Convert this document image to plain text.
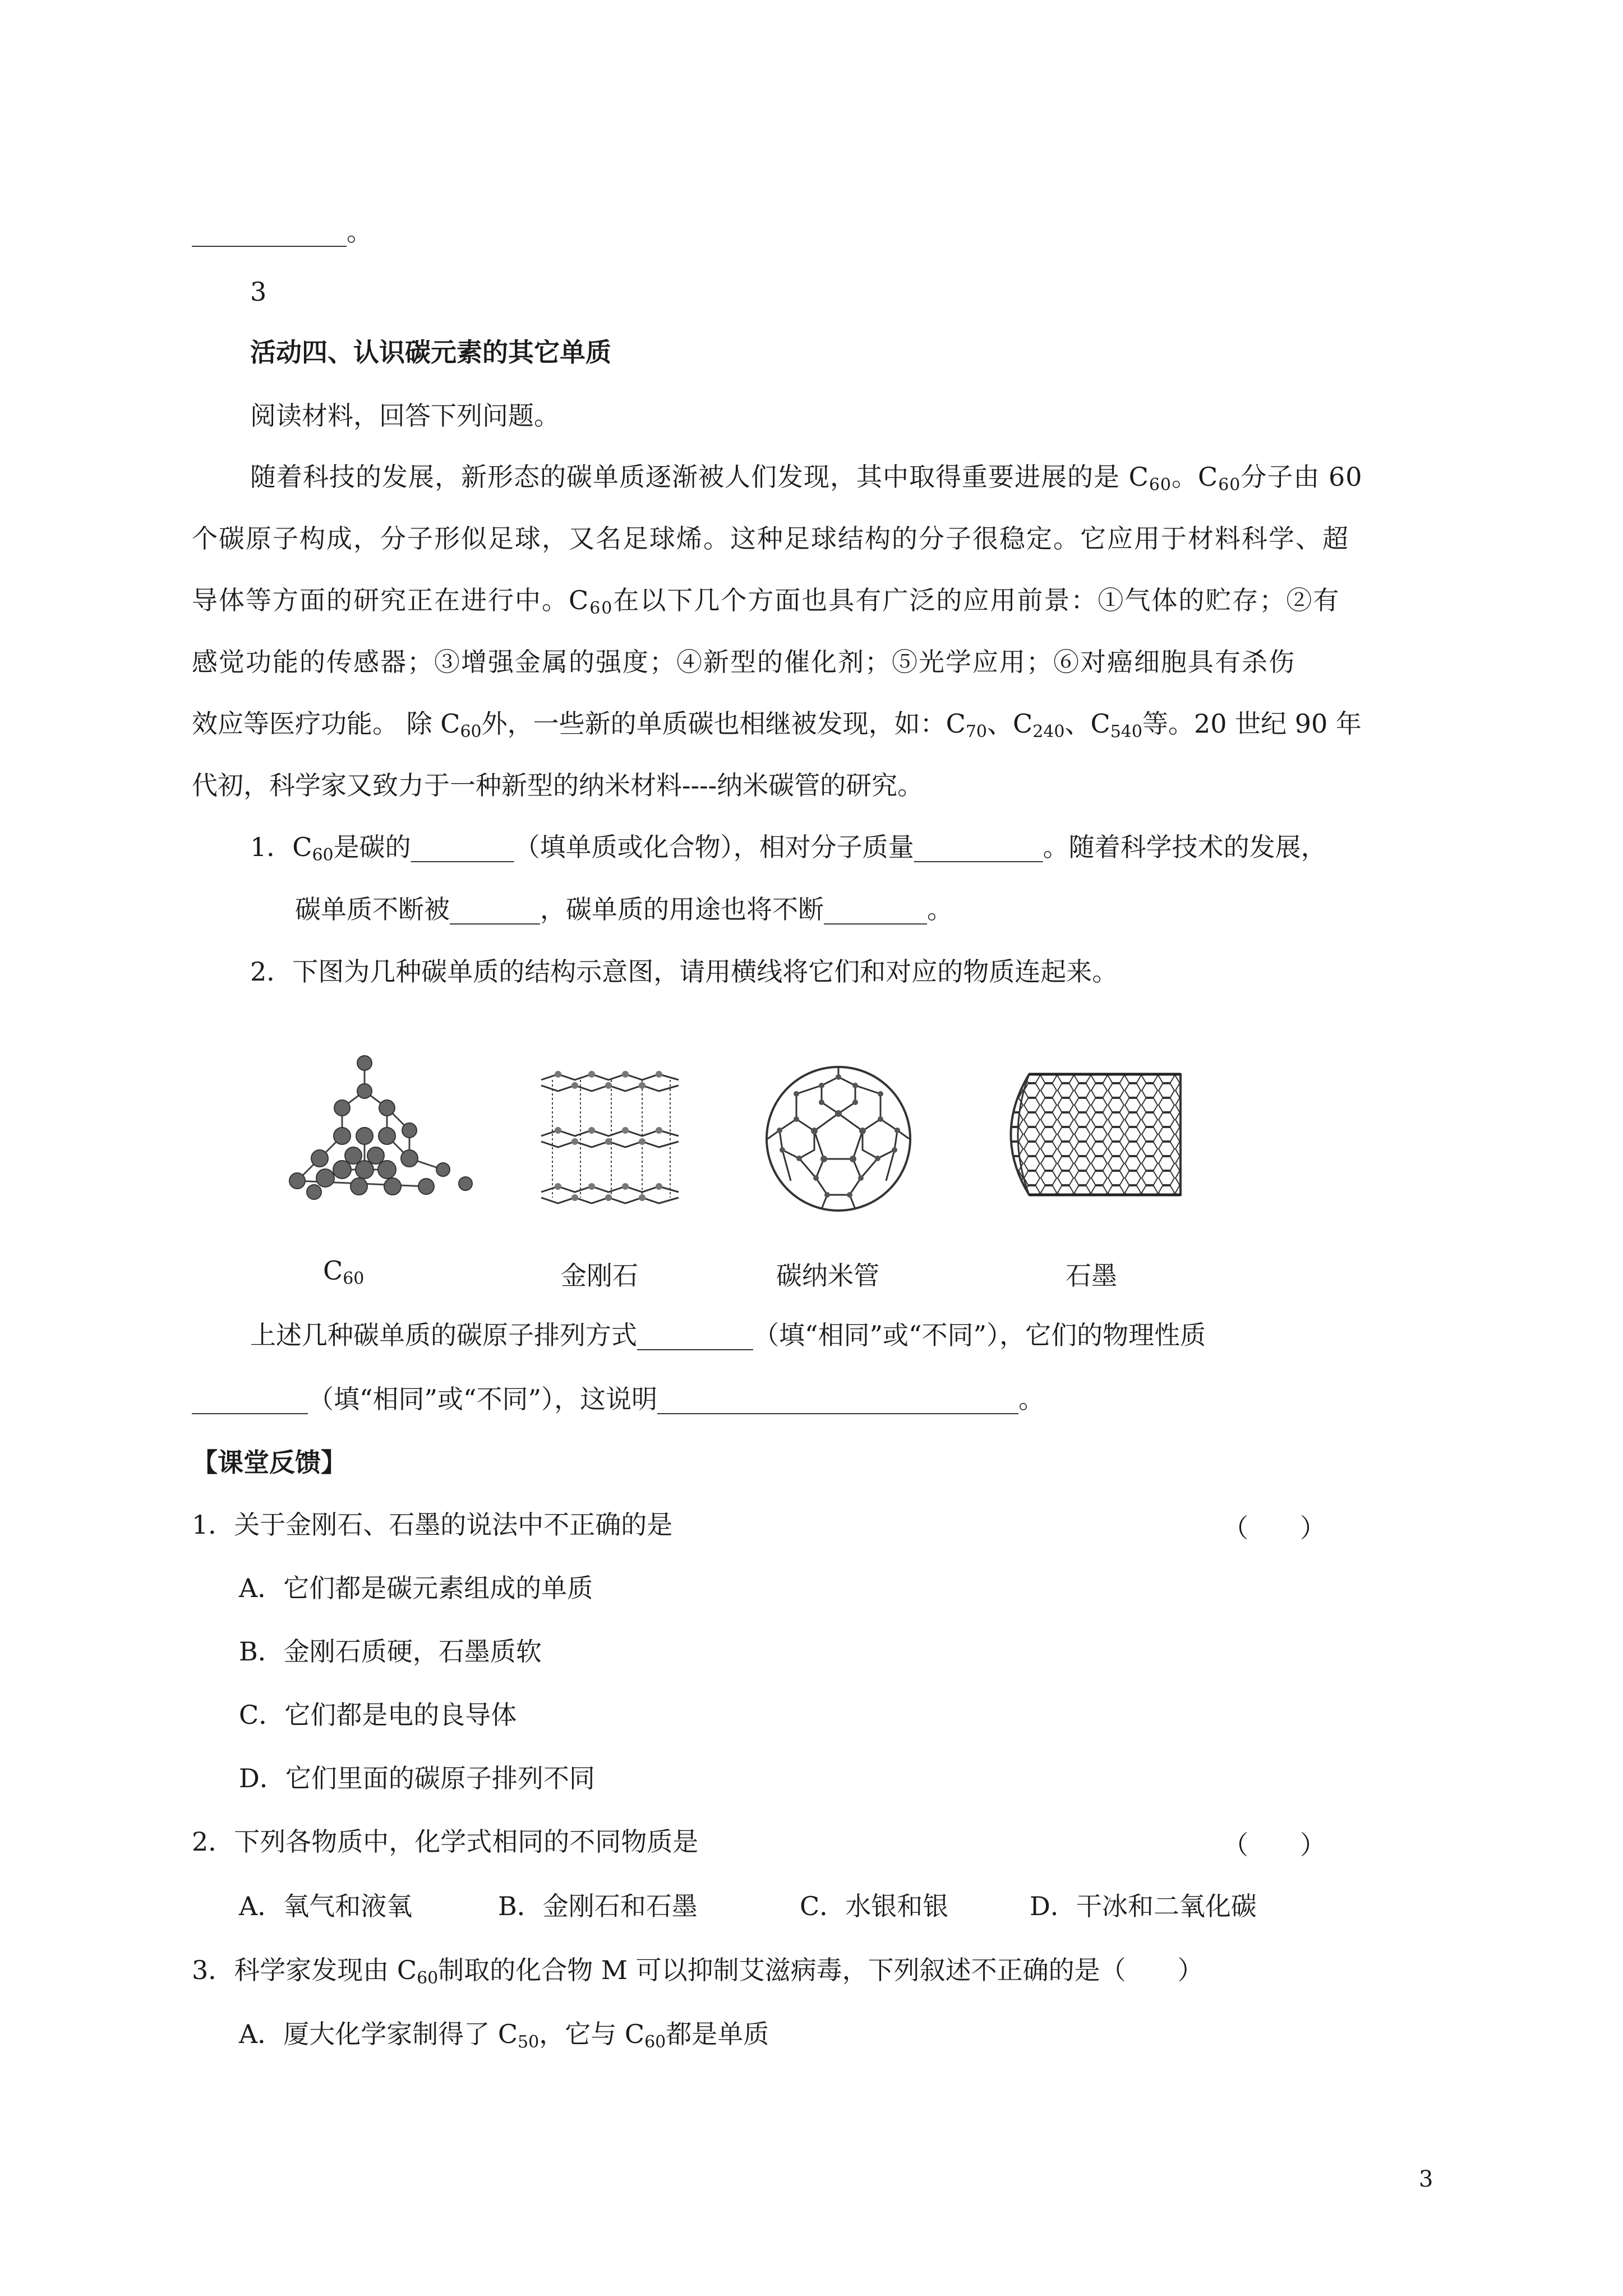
____________。
3
活动四、认识碳元素的其它单质
阅读材料，回答下列问题。
随着科技的发展，新形态的碳单质逐渐被人们发现，其中取得重要进展的是 $C_{60}$。$C_{60}$分子由 60
个碳原子构成，分子形似足球，又名足球烯。这种足球结构的分子很稳定。它应用于材料科学、超
导体等方面的研究正在进行中。$C_{60}$在以下几个方面也具有广泛的应用前景：①气体的贮存；②有
感觉功能的传感器；③增强金属的强度；④新型的催化剂；⑤光学应用；⑥对癌细胞具有杀伤
效应等医疗功能。 除 $C_{60}$外，一些新的单质碳也相继被发现，如：$C_{70}$、$C_{240}$、$C_{540}$等。20 世纪 90 年
代初，科学家又致力于一种新型的纳米材料----纳米碳管的研究。
1．$C_{60}$是碳的________（填单质或化合物），相对分子质量__________。随着科学技术的发展，
碳单质不断被_______，碳单质的用途也将不断________。
2．下图为几种碳单质的结构示意图，请用横线将它们和对应的物质连起来。
$C_{60}$	金刚石	碳纳米管	石墨
上述几种碳单质的碳原子排列方式_________（填“相同”或“不同”），它们的物理性质
_________（填“相同”或“不同”），这说明____________________________。
【课堂反馈】
1．关于金刚石、石墨的说法中不正确的是	（　　）
A．它们都是碳元素组成的单质
B．金刚石质硬，石墨质软
C．它们都是电的良导体
D．它们里面的碳原子排列不同
2．下列各物质中，化学式相同的不同物质是	（　　）
A．氧气和液氧	B．金刚石和石墨	C．水银和银	D．干冰和二氧化碳
3．科学家发现由 $C_{60}$制取的化合物 M 可以抑制艾滋病毒，下列叙述不正确的是（　　）
A．厦大化学家制得了 $C_{50}$，它与 $C_{60}$都是单质
3
